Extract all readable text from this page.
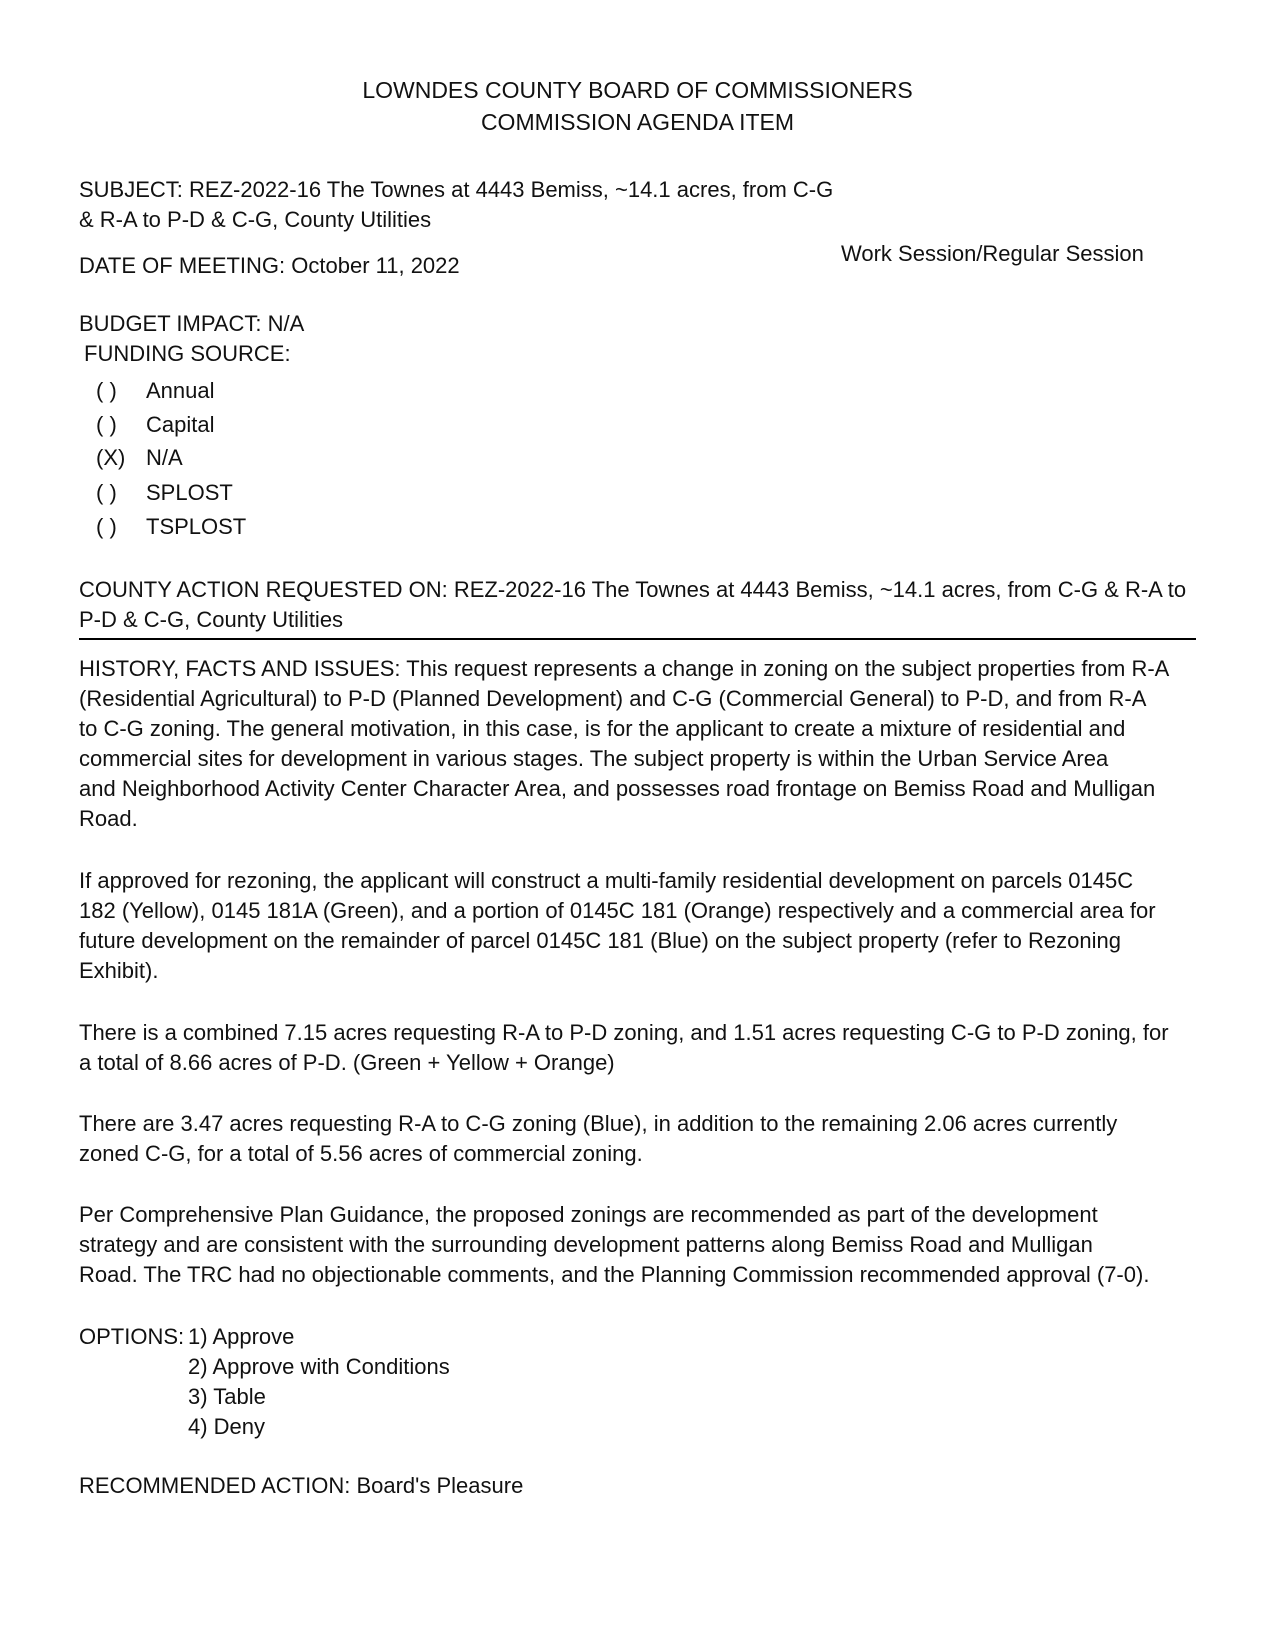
LOWNDES COUNTY BOARD OF COMMISSIONERS
COMMISSION AGENDA ITEM
SUBJECT: REZ-2022-16 The Townes at 4443 Bemiss, ~14.1 acres, from C-G
& R-A to P-D & C-G, County Utilities
DATE OF MEETING: October 11, 2022	Work Session/Regular Session
BUDGET IMPACT: N/A
FUNDING SOURCE:
( )	Annual
( )	Capital
(X) N/A
( )	SPLOST
( )	TSPLOST
COUNTY ACTION REQUESTED ON: REZ-2022-16 The Townes at 4443 Bemiss, ~14.1 acres, from C-G & R-A to
P-D & C-G, County Utilities
HISTORY, FACTS AND ISSUES: This request represents a change in zoning on the subject properties from R-A
(Residential Agricultural) to P-D (Planned Development) and C-G (Commercial General) to P-D, and from R-A
to C-G zoning. The general motivation, in this case, is for the applicant to create a mixture of residential and
commercial sites for development in various stages. The subject property is within the Urban Service Area
and Neighborhood Activity Center Character Area, and possesses road frontage on Bemiss Road and Mulligan
Road.
If approved for rezoning, the applicant will construct a multi-family residential development on parcels 0145C
182 (Yellow), 0145 181A (Green), and a portion of 0145C 181 (Orange) respectively and a commercial area for
future development on the remainder of parcel 0145C 181 (Blue) on the subject property (refer to Rezoning
Exhibit).
There is a combined 7.15 acres requesting R-A to P-D zoning, and 1.51 acres requesting C-G to P-D zoning, for
a total of 8.66 acres of P-D. (Green + Yellow + Orange)
There are 3.47 acres requesting R-A to C-G zoning (Blue), in addition to the remaining 2.06 acres currently
zoned C-G, for a total of 5.56 acres of commercial zoning.
Per Comprehensive Plan Guidance, the proposed zonings are recommended as part of the development
strategy and are consistent with the surrounding development patterns along Bemiss Road and Mulligan
Road. The TRC had no objectionable comments, and the Planning Commission recommended approval (7-0).
OPTIONS: 1) Approve
2) Approve with Conditions
3) Table
4) Deny
RECOMMENDED ACTION: Board's Pleasure
